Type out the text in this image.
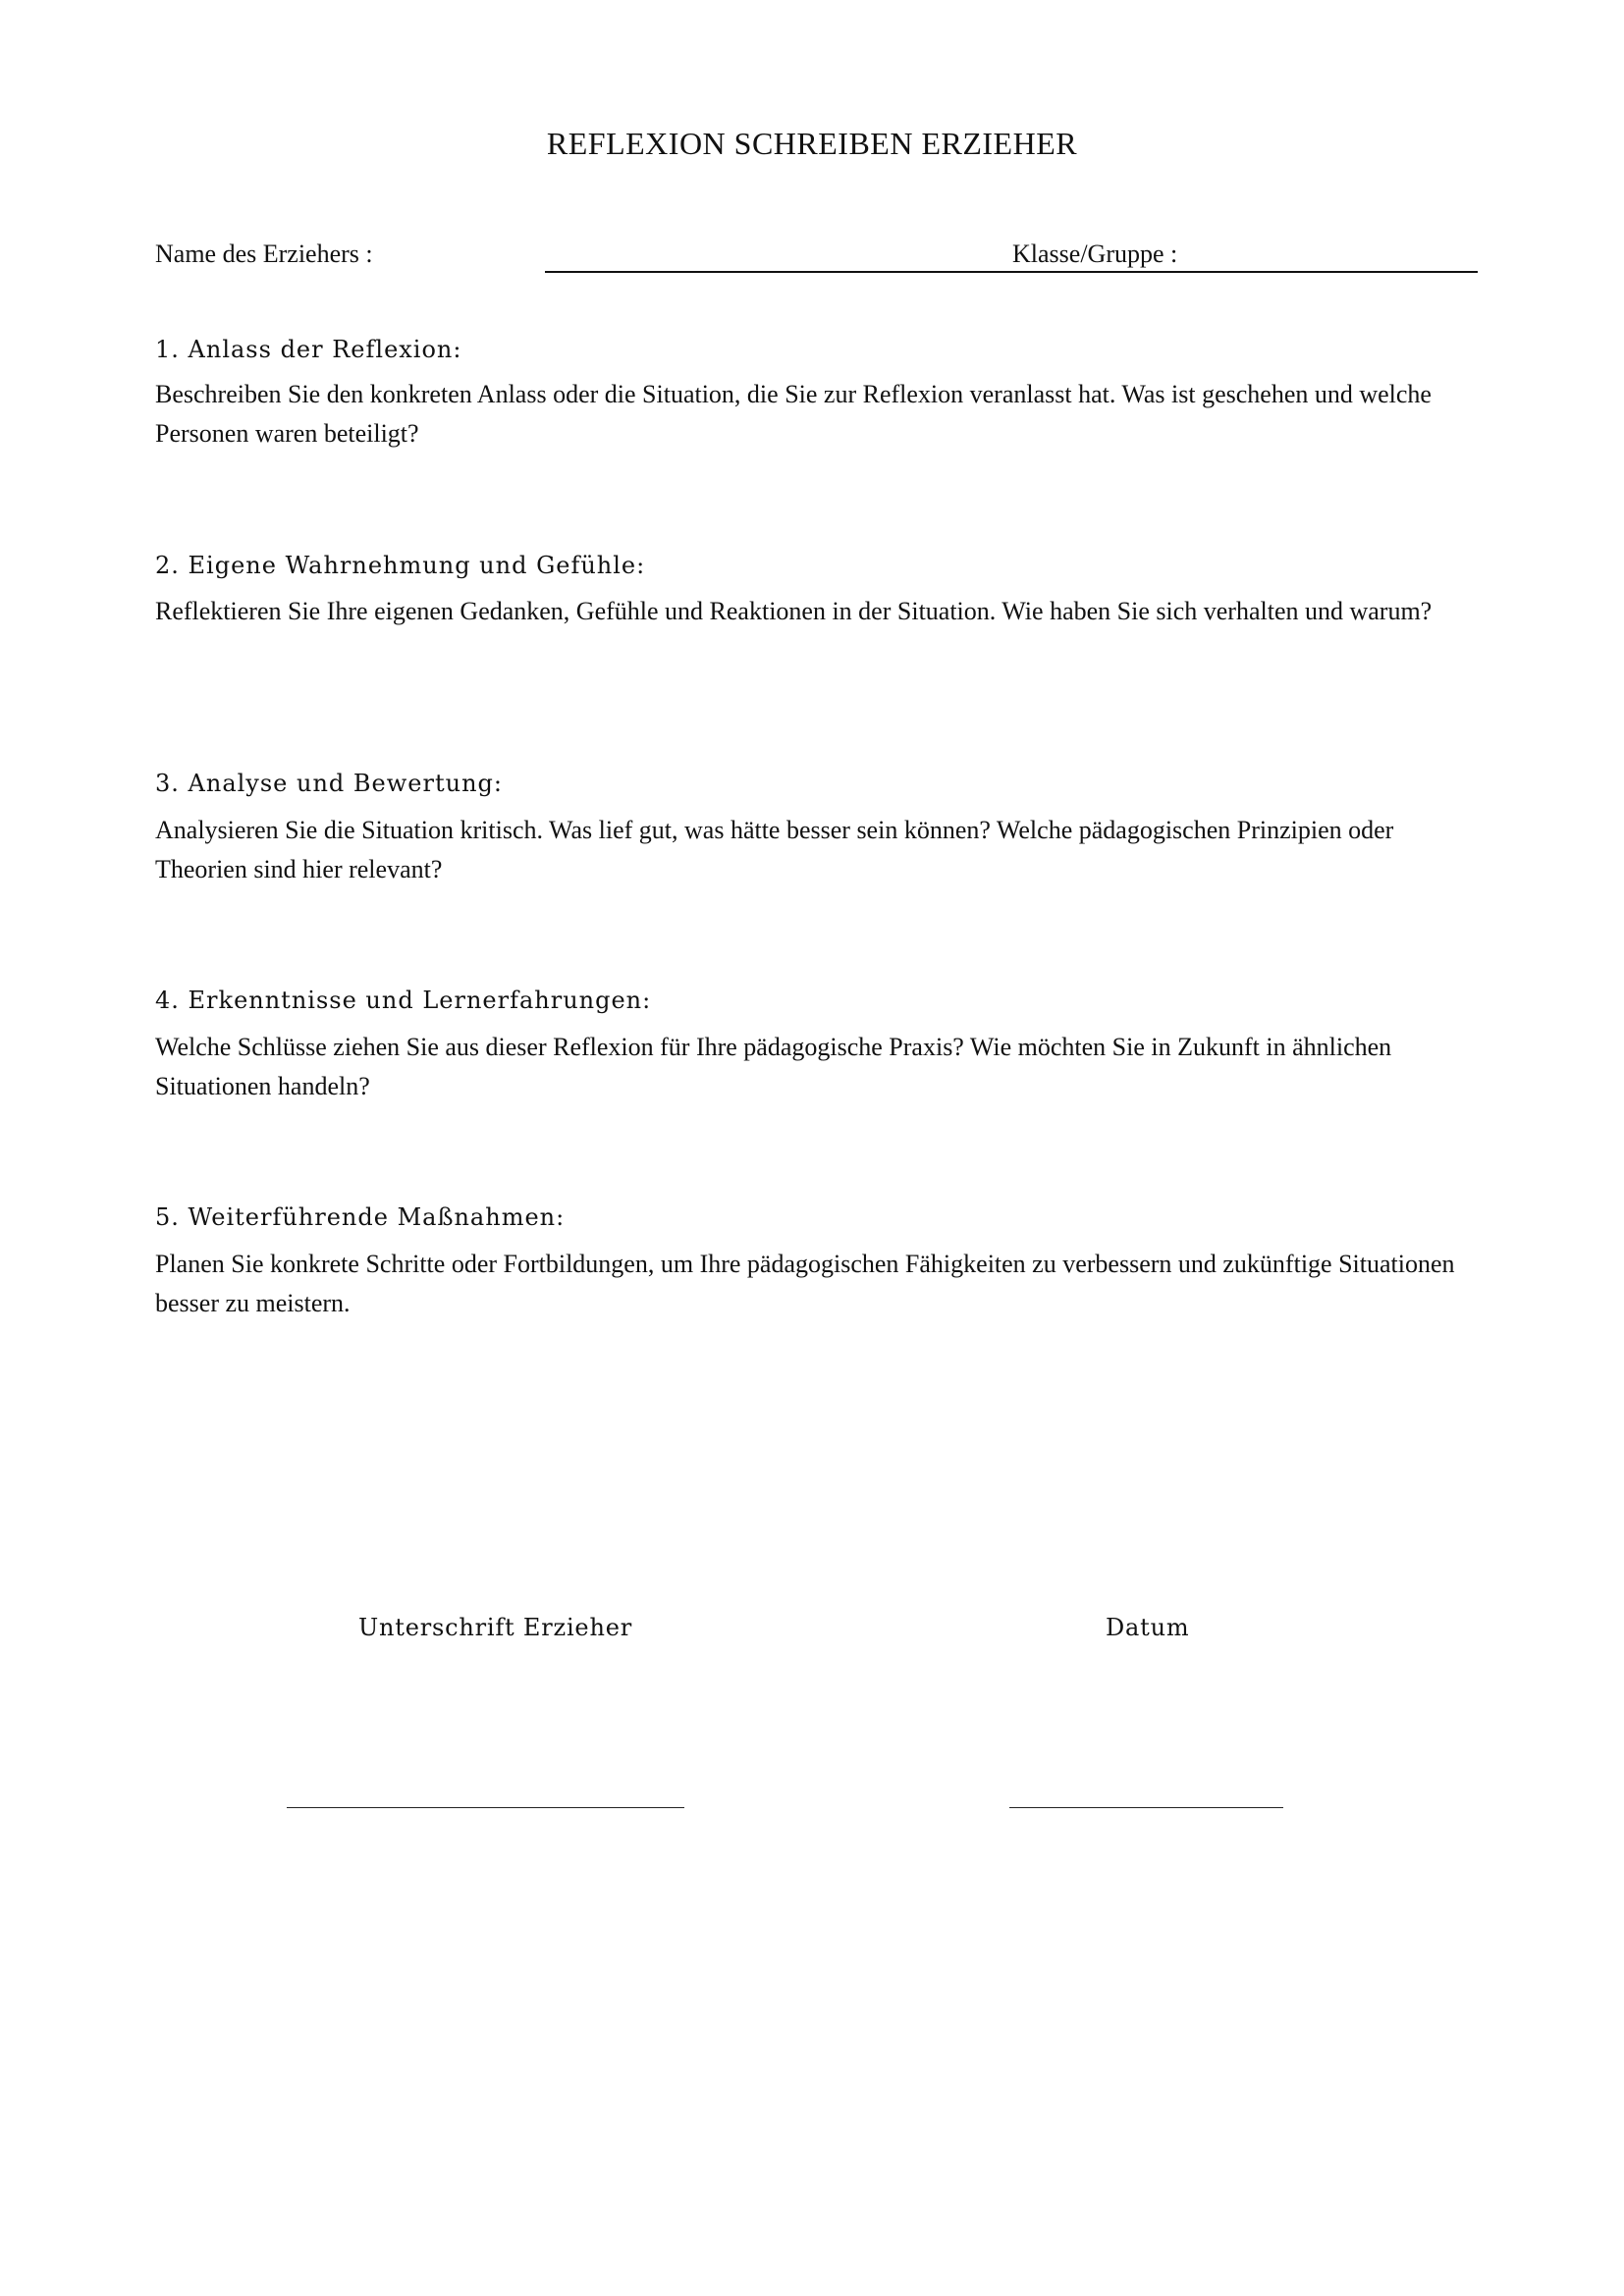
REFLEXION SCHREIBEN ERZIEHER
Name des Erziehers :	Klasse/Gruppe :
1. Anlass der Reflexion:
Beschreiben Sie den konkreten Anlass oder die Situation, die Sie zur Reflexion veranlasst hat. Was ist geschehen und welche Personen waren beteiligt?
2. Eigene Wahrnehmung und Gefühle:
Reflektieren Sie Ihre eigenen Gedanken, Gefühle und Reaktionen in der Situation. Wie haben Sie sich verhalten und warum?
3. Analyse und Bewertung:
Analysieren Sie die Situation kritisch. Was lief gut, was hätte besser sein können? Welche pädagogischen Prinzipien oder Theorien sind hier relevant?
4. Erkenntnisse und Lernerfahrungen:
Welche Schlüsse ziehen Sie aus dieser Reflexion für Ihre pädagogische Praxis? Wie möchten Sie in Zukunft in ähnlichen Situationen handeln?
5. Weiterführende Maßnahmen:
Planen Sie konkrete Schritte oder Fortbildungen, um Ihre pädagogischen Fähigkeiten zu verbessern und zukünftige Situationen besser zu meistern.
Unterschrift Erzieher	Datum
